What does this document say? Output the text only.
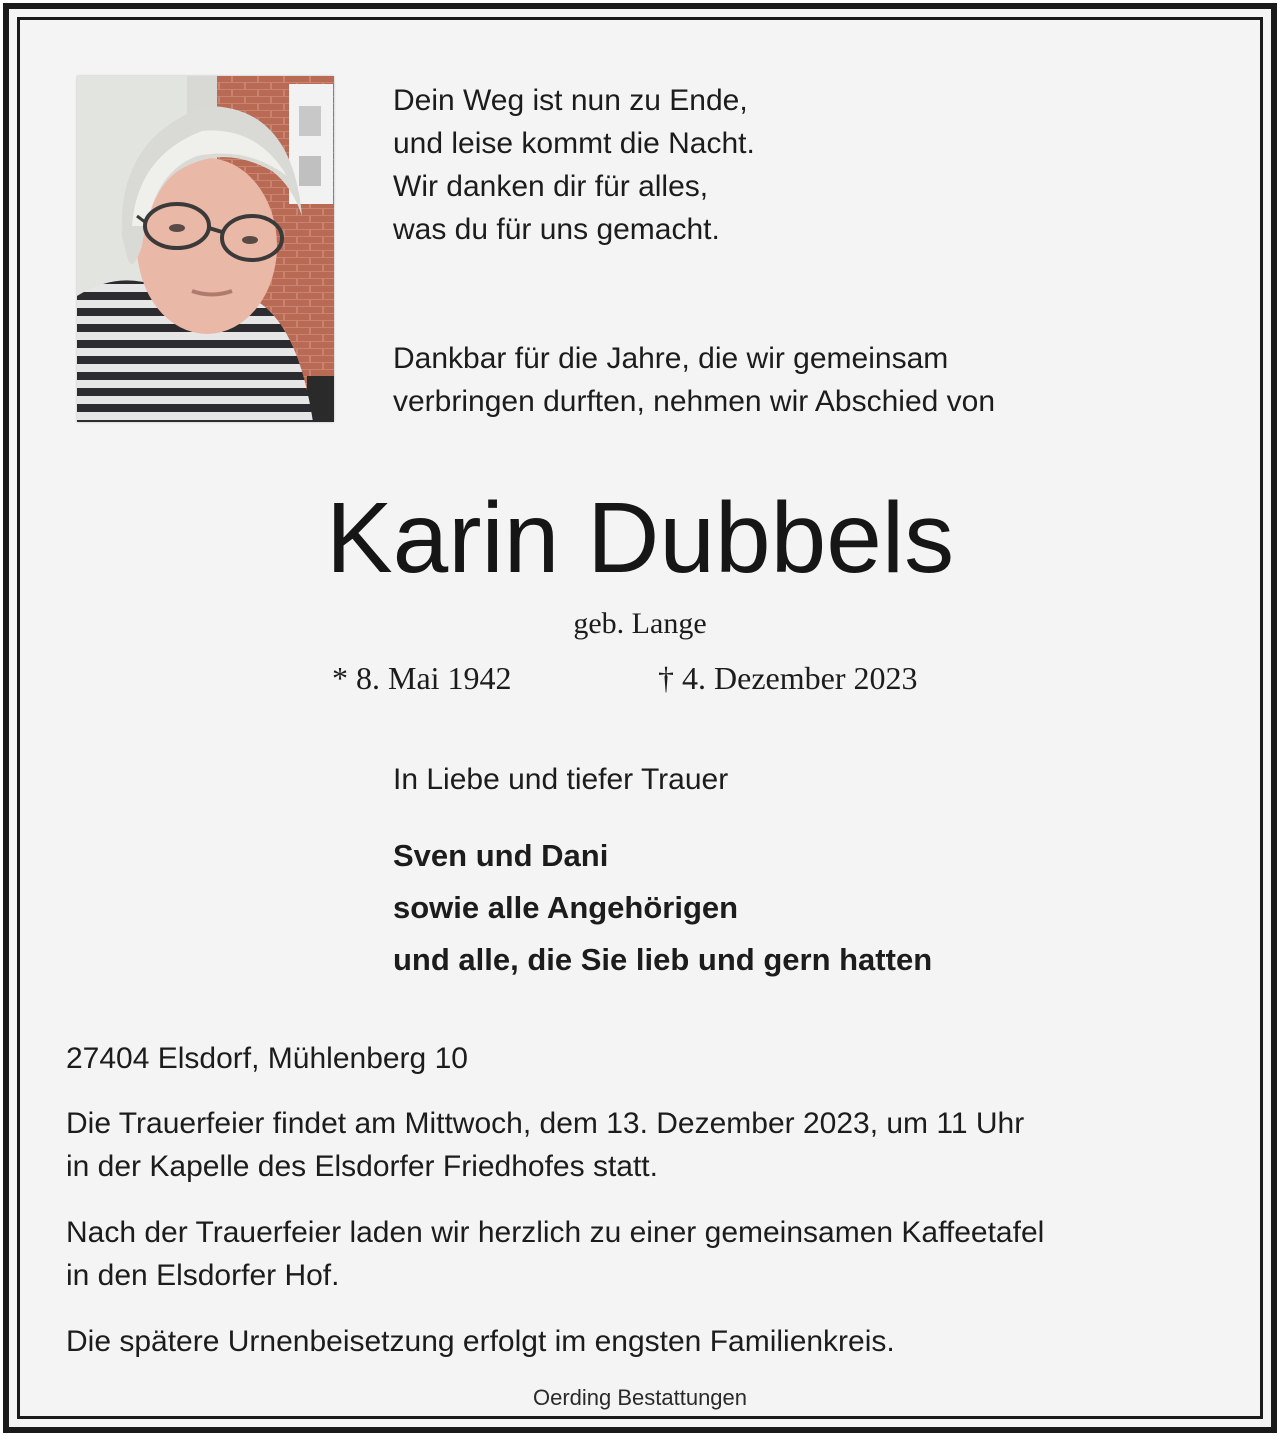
Dein Weg ist nun zu Ende,
und leise kommt die Nacht.
Wir danken dir für alles,
was du für uns gemacht.
Dankbar für die Jahre, die wir gemeinsam
verbringen durften, nehmen wir Abschied von
Karin Dubbels
geb. Lange
* 8. Mai 1942	† 4. Dezember 2023
In Liebe und tiefer Trauer
Sven und Dani
sowie alle Angehörigen
und alle, die Sie lieb und gern hatten
27404 Elsdorf, Mühlenberg 10
Die Trauerfeier findet am Mittwoch, dem 13. Dezember 2023, um 11 Uhr
in der Kapelle des Elsdorfer Friedhofes statt.
Nach der Trauerfeier laden wir herzlich zu einer gemeinsamen Kaffeetafel
in den Elsdorfer Hof.
Die spätere Urnenbeisetzung erfolgt im engsten Familienkreis.
Oerding Bestattungen
